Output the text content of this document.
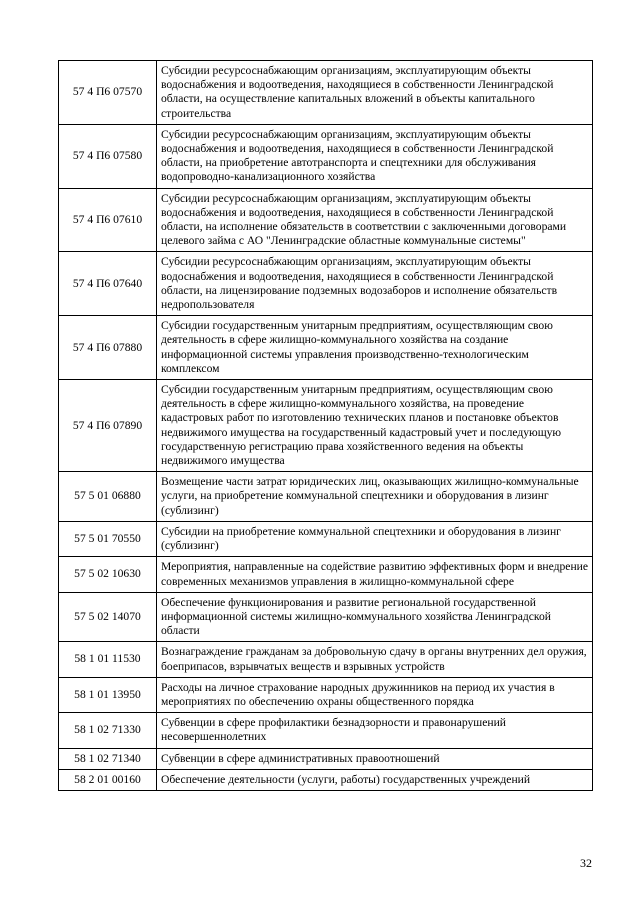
57 4 П6 07570	Субсидии ресурсоснабжающим организациям, эксплуатирующим объекты водоснабжения и водоотведения, находящиеся в собственности Ленинградской области, на осуществление капитальных вложений в объекты капитального строительства
57 4 П6 07580	Субсидии ресурсоснабжающим организациям, эксплуатирующим объекты водоснабжения и водоотведения, находящиеся в собственности Ленинградской области, на приобретение автотранспорта и спецтехники для обслуживания водопроводно-канализационного хозяйства
57 4 П6 07610	Субсидии ресурсоснабжающим организациям, эксплуатирующим объекты водоснабжения и водоотведения, находящиеся в собственности Ленинградской области, на исполнение обязательств в соответствии с заключенными договорами целевого займа с АО "Ленинградские областные коммунальные системы"
57 4 П6 07640	Субсидии ресурсоснабжающим организациям, эксплуатирующим объекты водоснабжения и водоотведения, находящиеся в собственности Ленинградской области, на лицензирование подземных водозаборов и исполнение обязательств недропользователя
57 4 П6 07880	Субсидии государственным унитарным предприятиям, осуществляющим свою деятельность в сфере жилищно-коммунального хозяйства на создание информационной системы управления производственно-технологическим комплексом
57 4 П6 07890	Субсидии государственным унитарным предприятиям, осуществляющим свою деятельность в сфере жилищно-коммунального хозяйства, на проведение кадастровых работ по изготовлению технических планов и постановке объектов недвижимого имущества на государственный кадастровый учет и последующую государственную регистрацию права хозяйственного ведения на объекты недвижимого имущества
57 5 01 06880	Возмещение части затрат юридических лиц, оказывающих жилищно-коммунальные услуги, на приобретение коммунальной спецтехники и оборудования в лизинг (сублизинг)
57 5 01 70550	Субсидии на приобретение коммунальной спецтехники и оборудования в лизинг (сублизинг)
57 5 02 10630	Мероприятия, направленные на содействие развитию эффективных форм и внедрение современных механизмов управления в жилищно-коммунальной сфере
57 5 02 14070	Обеспечение функционирования и развитие региональной государственной информационной системы жилищно-коммунального хозяйства Ленинградской области
58 1 01 11530	Вознаграждение гражданам за добровольную сдачу в органы внутренних дел оружия, боеприпасов, взрывчатых веществ и взрывных устройств
58 1 01 13950	Расходы на личное страхование народных дружинников на период их участия в мероприятиях по обеспечению охраны общественного порядка
58 1 02 71330	Субвенции в сфере профилактики безнадзорности и правонарушений несовершеннолетних
58 1 02 71340	Субвенции в сфере административных правоотношений
58 2 01 00160	Обеспечение деятельности (услуги, работы) государственных учреждений
32
